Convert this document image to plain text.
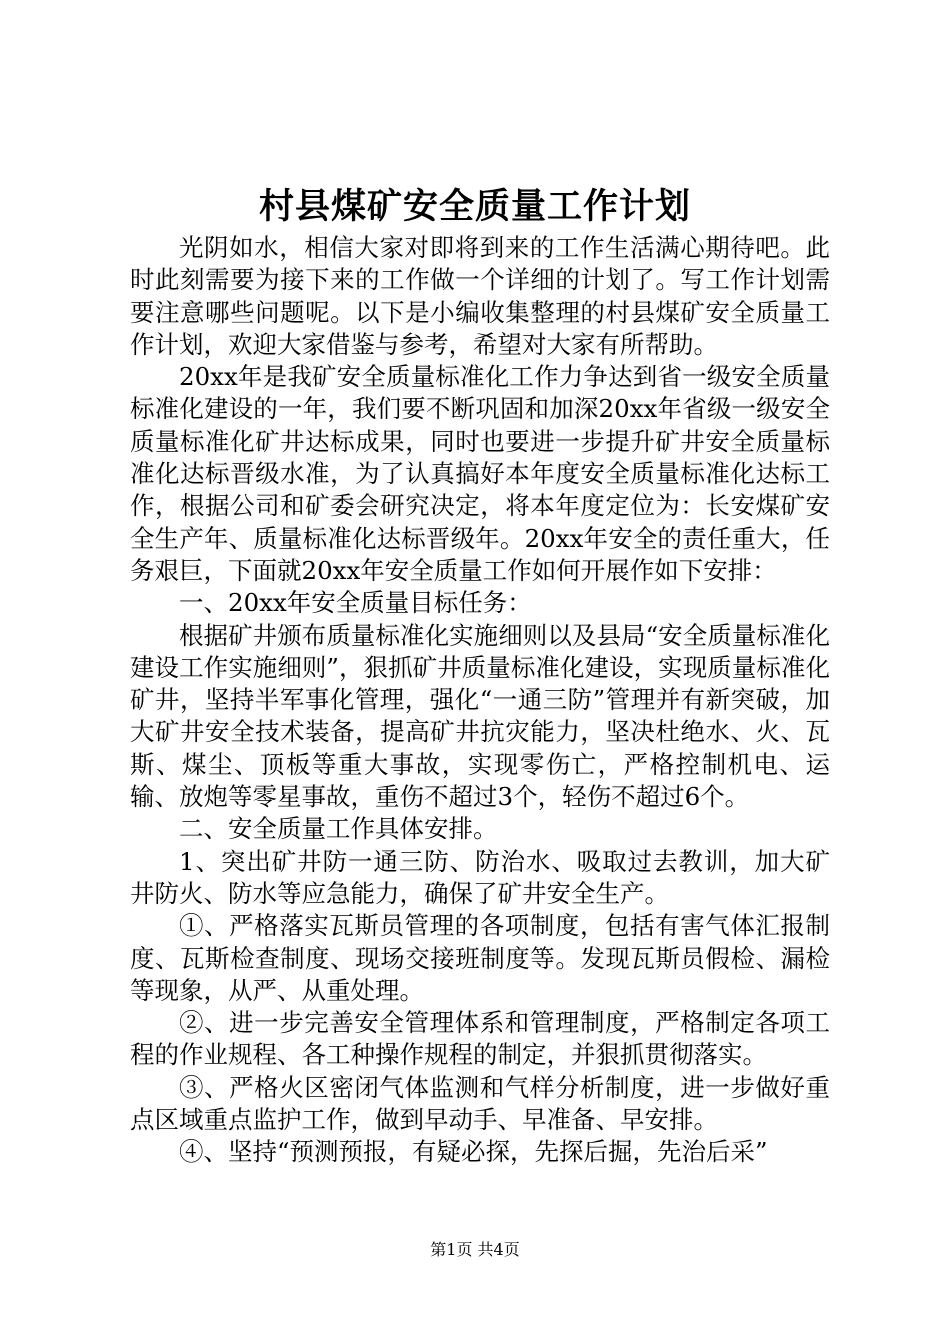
村县煤矿安全质量工作计划

光阴如水，相信大家对即将到来的工作生活满心期待吧。此时此刻需要为接下来的工作做一个详细的计划了。写工作计划需要注意哪些问题呢。以下是小编收集整理的村县煤矿安全质量工作计划，欢迎大家借鉴与参考，希望对大家有所帮助。

20xx年是我矿安全质量标准化工作力争达到省一级安全质量标准化建设的一年，我们要不断巩固和加深20xx年省级一级安全质量标准化矿井达标成果，同时也要进一步提升矿井安全质量标准化达标晋级水准，为了认真搞好本年度安全质量标准化达标工作，根据公司和矿委会研究决定，将本年度定位为：长安煤矿安全生产年、质量标准化达标晋级年。20xx年安全的责任重大，任务艰巨，下面就20xx年安全质量工作如何开展作如下安排：

一、20xx年安全质量目标任务：

根据矿井颁布质量标准化实施细则以及县局“安全质量标准化建设工作实施细则”，狠抓矿井质量标准化建设，实现质量标准化矿井，坚持半军事化管理，强化“一通三防”管理并有新突破，加大矿井安全技术装备，提高矿井抗灾能力，坚决杜绝水、火、瓦斯、煤尘、顶板等重大事故，实现零伤亡，严格控制机电、运输、放炮等零星事故，重伤不超过3个，轻伤不超过6个。

二、安全质量工作具体安排。

1、突出矿井防一通三防、防治水、吸取过去教训，加大矿井防火、防水等应急能力，确保了矿井安全生产。

①、严格落实瓦斯员管理的各项制度，包括有害气体汇报制度、瓦斯检查制度、现场交接班制度等。发现瓦斯员假检、漏检等现象，从严、从重处理。

②、进一步完善安全管理体系和管理制度，严格制定各项工程的作业规程、各工种操作规程的制定，并狠抓贯彻落实。

③、严格火区密闭气体监测和气样分析制度，进一步做好重点区域重点监护工作，做到早动手、早准备、早安排。

④、坚持“预测预报，有疑必探，先探后掘，先治后采”

第1页 共4页
